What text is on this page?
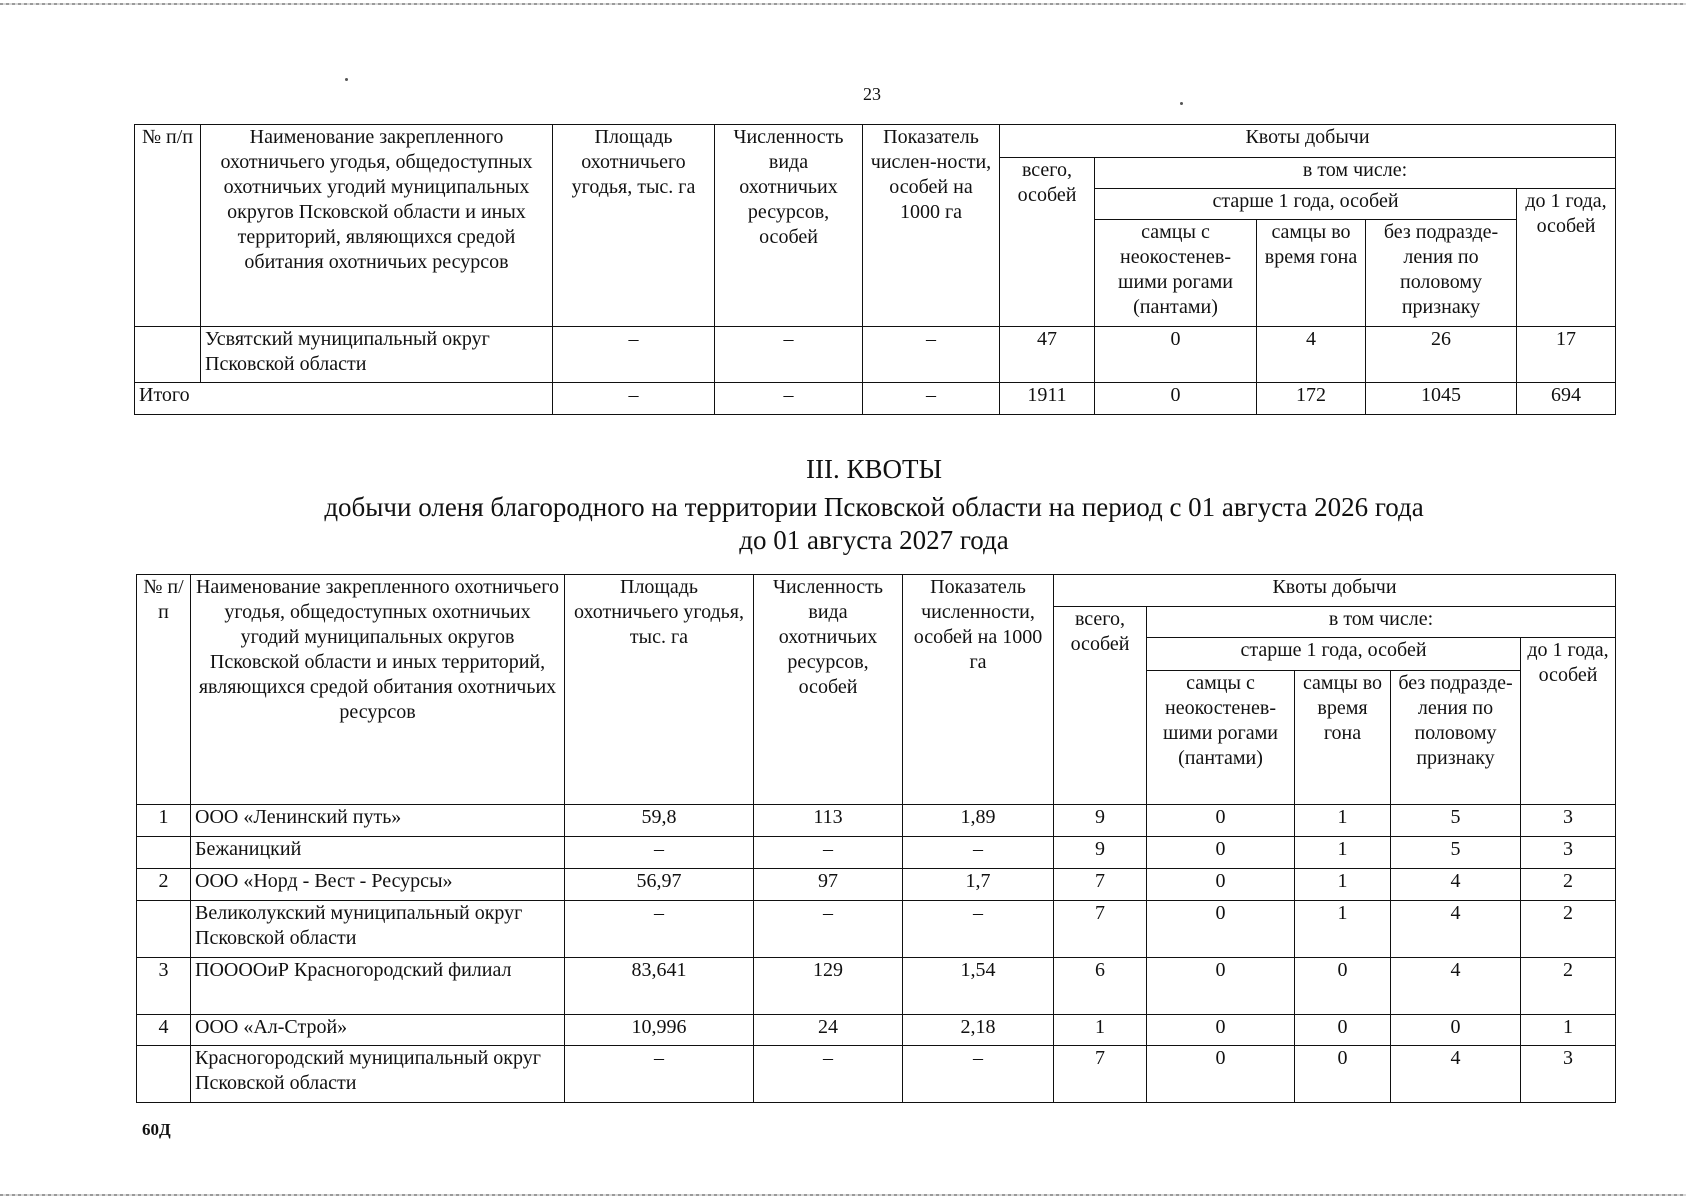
23
№ п/п	Наименование закрепленного охотничьего угодья, общедоступных охотничьих угодий муниципальных округов Псковской области и иных территорий, являющихся средой обитания охотничьих ресурсов	Площадь охотничьего угодья, тыс. га	Численность вида охотничьих ресурсов, особей	Показатель числен-ности, особей на 1000 га	Квоты добычи				
					всего, особей	в том числе:			
						старше 1 года, особей			до 1 года, особей
						самцы с неокостенев-шими рогами (пантами)	самцы во время гона	без подразде-ления по половому признаку	
	Усвятский муниципальный округ Псковской области	–	–	–	47	0	4	26	17
Итого		–	–	–	1911	0	172	1045	694
III. КВОТЫ
добычи оленя благородного на территории Псковской области на период с 01 августа 2026 года
до 01 августа 2027 года
№ п/п	Наименование закрепленного охотничьего угодья, общедоступных охотничьих угодий муниципальных округов Псковской области и иных территорий, являющихся средой обитания охотничьих ресурсов	Площадь охотничьего угодья, тыс. га	Численность вида охотничьих ресурсов, особей	Показатель численности, особей на 1000 га	Квоты добычи				
					всего, особей	в том числе:			
						старше 1 года, особей			до 1 года, особей
						самцы с неокостенев-шими рогами (пантами)	самцы во время гона	без подразде-ления по половому признаку	
1	ООО «Ленинский путь»	59,8	113	1,89	9	0	1	5	3
	Бежаницкий	–	–	–	9	0	1	5	3
2	ООО «Норд - Вест - Ресурсы»	56,97	97	1,7	7	0	1	4	2
	Великолукский муниципальный округ Псковской области	–	–	–	7	0	1	4	2
3	ПОООOиР Красногородский филиал	83,641	129	1,54	6	0	0	4	2
4	ООО «Ал-Строй»	10,996	24	2,18	1	0	0	0	1
	Красногородский муниципальный округ Псковской области	–	–	–	7	0	0	4	3
60Д
